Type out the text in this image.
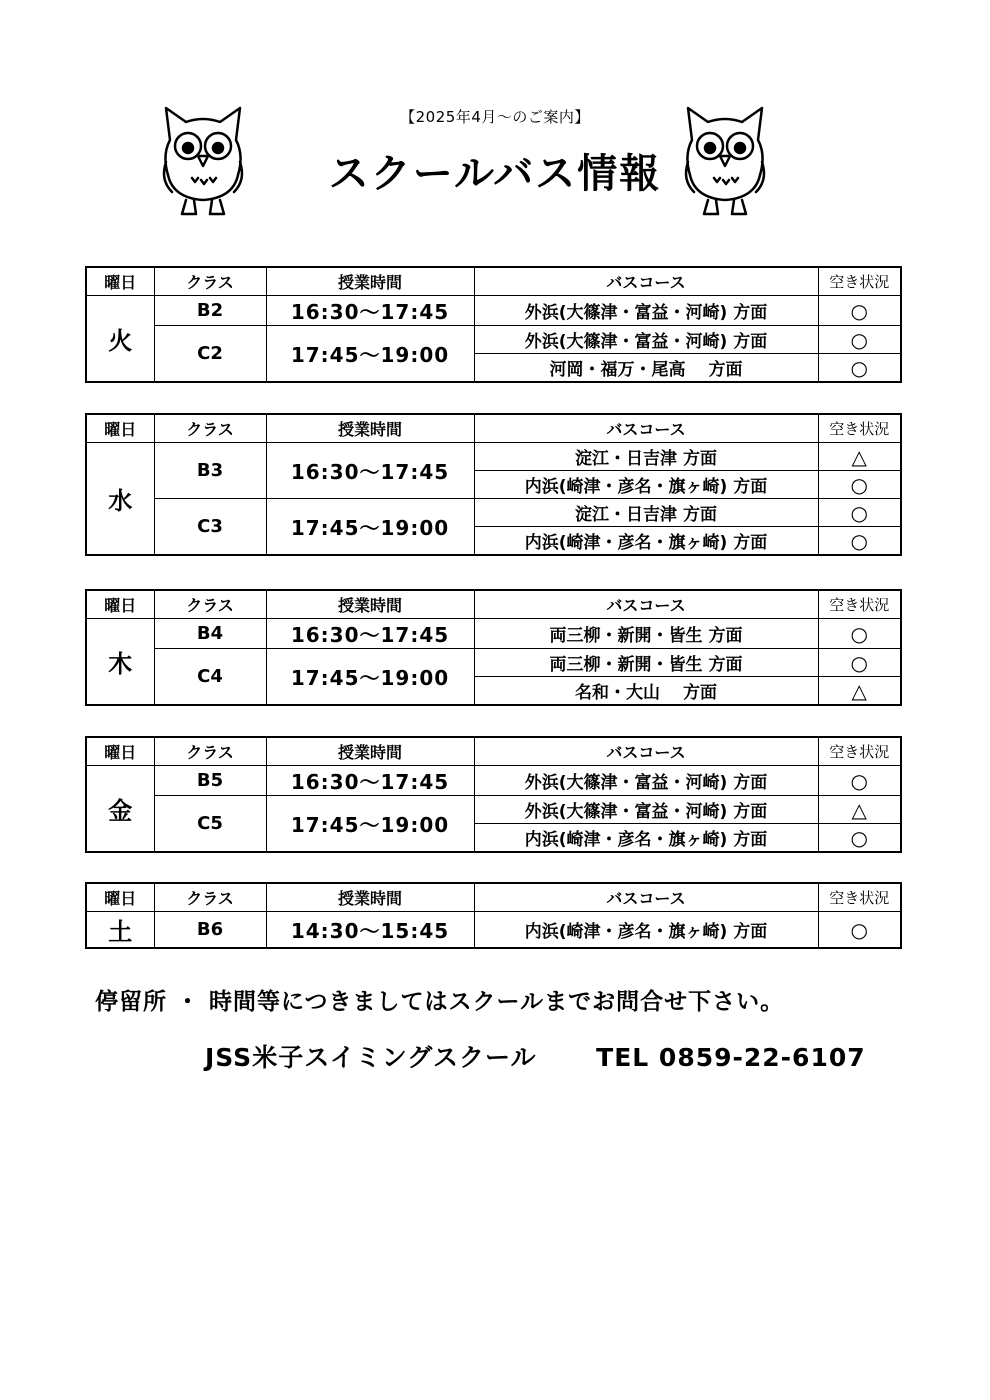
【2025年4月～のご案内】
スクールバス情報
曜日	クラス	授業時間	バスコース	空き状況
火	B2	16:30～17:45	外浜(大篠津・富益・河崎) 方面	○
	C2	17:45～19:00	外浜(大篠津・富益・河崎) 方面	○
			河岡・福万・尾高　 方面	○
曜日	クラス	授業時間	バスコース	空き状況
水	B3	16:30～17:45	淀江・日吉津 方面	△
			内浜(崎津・彦名・旗ヶ崎) 方面	○
	C3	17:45～19:00	淀江・日吉津 方面	○
			内浜(崎津・彦名・旗ヶ崎) 方面	○
曜日	クラス	授業時間	バスコース	空き状況
木	B4	16:30～17:45	両三柳・新開・皆生 方面	○
	C4	17:45～19:00	両三柳・新開・皆生 方面	○
			名和・大山　 方面	△
曜日	クラス	授業時間	バスコース	空き状況
金	B5	16:30～17:45	外浜(大篠津・富益・河崎) 方面	○
	C5	17:45～19:00	外浜(大篠津・富益・河崎) 方面	△
			内浜(崎津・彦名・旗ヶ崎) 方面	○
曜日	クラス	授業時間	バスコース	空き状況
土	B6	14:30～15:45	内浜(崎津・彦名・旗ヶ崎) 方面	○
停留所 ・ 時間等につきましてはスクールまでお問合せ下さい。
JSS米子スイミングスクール TEL 0859-22-6107
